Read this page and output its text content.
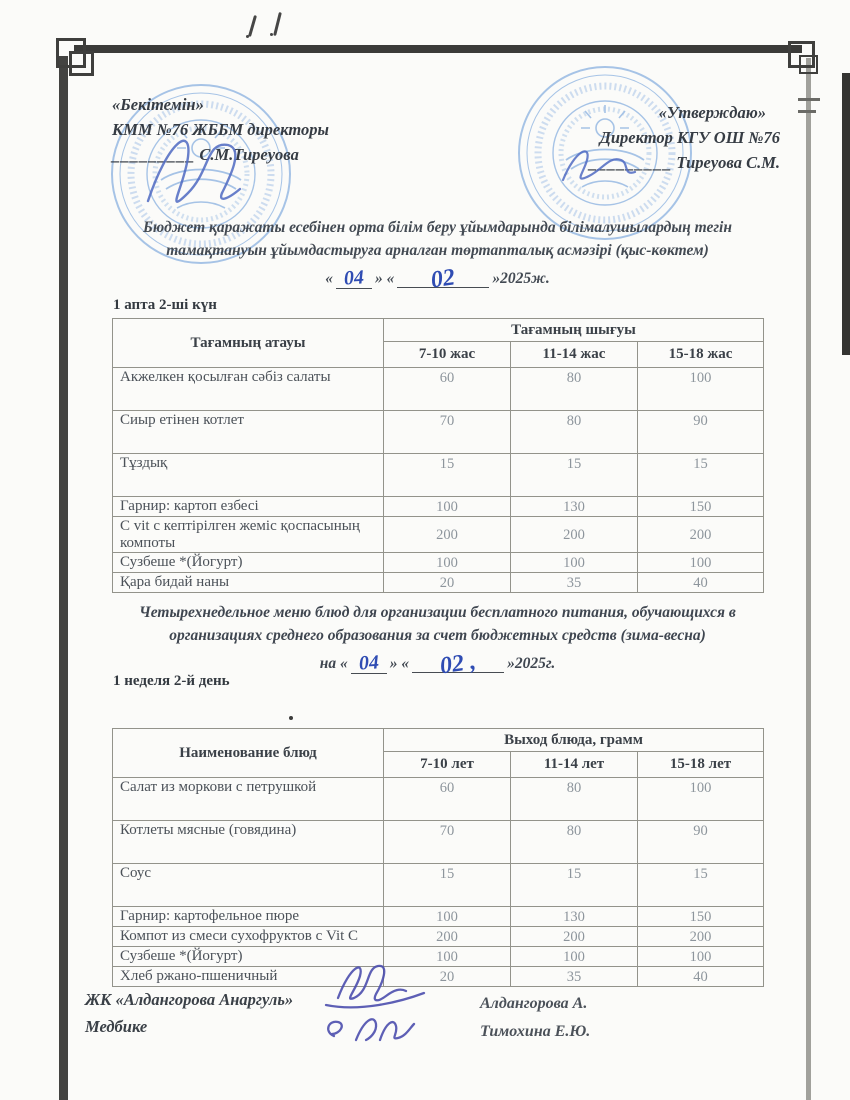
«Бекітемін»
КММ №76 ЖББМ директоры
_________ С.М.Тиреуова
«Утверждаю»
Директор КГУ ОШ №76
_________ Тиреуова С.М.
Бюджет қаражаты есебінен орта білім беру ұйымдарында білімалушылардың тегін
тамақтануын ұйымдастыруға арналған төртапталық асмәзірі (қыс-көктем)
« 04 » « 02 »2025ж.
1 апта 2-ші күн
Тағамның атауы	Тағамның шығуы		
	7-10 жас	11-14 жас	15-18 жас
Акжелкен қосылған сәбіз салаты	60	80	100
Сиыр етінен котлет	70	80	90
Тұздық	15	15	15
Гарнир: картоп езбесі	100	130	150
С vit с кептірілген жеміс қоспасының компоты	200	200	200
Сузбеше *(Йогурт)	100	100	100
Қара бидай наны	20	35	40
Четырехнедельное меню блюд для организации бесплатного питания, обучающихся в
организациях среднего образования за счет бюджетных средств (зима-весна)
на « 04 » « 02 , »2025г.
1 неделя 2-й день
Наименование блюд	Выход блюда, грамм		
	7-10 лет	11-14 лет	15-18 лет
Салат из моркови с петрушкой	60	80	100
Котлеты мясные (говядина)	70	80	90
Соус	15	15	15
Гарнир: картофельное пюре	100	130	150
Компот из смеси сухофруктов с Vit C	200	200	200
Сузбеше *(Йогурт)	100	100	100
Хлеб ржано-пшеничный	20	35	40
ЖК «Алдангорова Анаргуль»
Медбике
Алдангорова А.
Тимохина Е.Ю.
